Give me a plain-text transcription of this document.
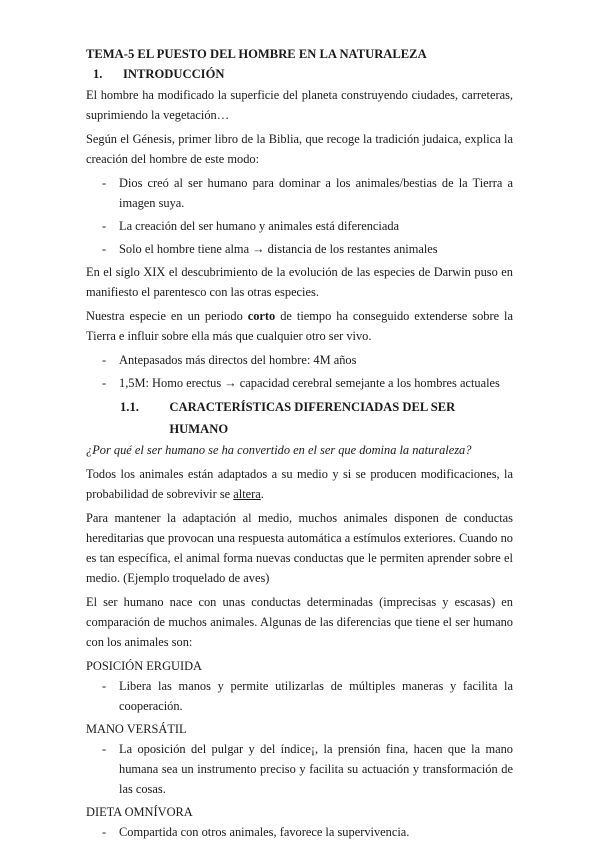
TEMA-5 EL PUESTO DEL HOMBRE EN LA NATURALEZA
1.	INTRODUCCIÓN

El hombre ha modificado la superficie del planeta construyendo ciudades, carreteras, suprimiendo la vegetación…

Según el Génesis, primer libro de la Biblia, que recoge la tradición judaica, explica la creación del hombre de este modo:

- Dios creó al ser humano para dominar a los animales/bestias de la Tierra a imagen suya.
- La creación del ser humano y animales está diferenciada
- Solo el hombre tiene alma → distancia de los restantes animales

En el siglo XIX el descubrimiento de la evolución de las especies de Darwin puso en manifiesto el parentesco con las otras especies.

Nuestra especie en un periodo corto de tiempo ha conseguido extenderse sobre la Tierra e influir sobre ella más que cualquier otro ser vivo.

- Antepasados más directos del hombre: 4M años
- 1,5M: Homo erectus → capacidad cerebral semejante a los hombres actuales
1.1.	CARACTERÍSTICAS DIFERENCIADAS DEL SER HUMANO

¿Por qué el ser humano se ha convertido en el ser que domina la naturaleza?

Todos los animales están adaptados a su medio y si se producen modificaciones, la probabilidad de sobrevivir se altera.

Para mantener la adaptación al medio, muchos animales disponen de conductas hereditarias que provocan una respuesta automática a estímulos exteriores. Cuando no es tan específica, el animal forma nuevas conductas que le permiten aprender sobre el medio. (Ejemplo troquelado de aves)

El ser humano nace con unas conductas determinadas (imprecisas y escasas) en comparación de muchos animales. Algunas de las diferencias que tiene el ser humano con los animales son:

POSICIÓN ERGUIDA
- Libera las manos y permite utilizarlas de múltiples maneras y facilita la cooperación.
MANO VERSÁTIL
- La oposición del pulgar y del índice¡, la prensión fina, hacen que la mano humana sea un instrumento preciso y facilita su actuación y transformación de las cosas.
DIETA OMNÍVORA
- Compartida con otros animales, favorece la supervivencia.
